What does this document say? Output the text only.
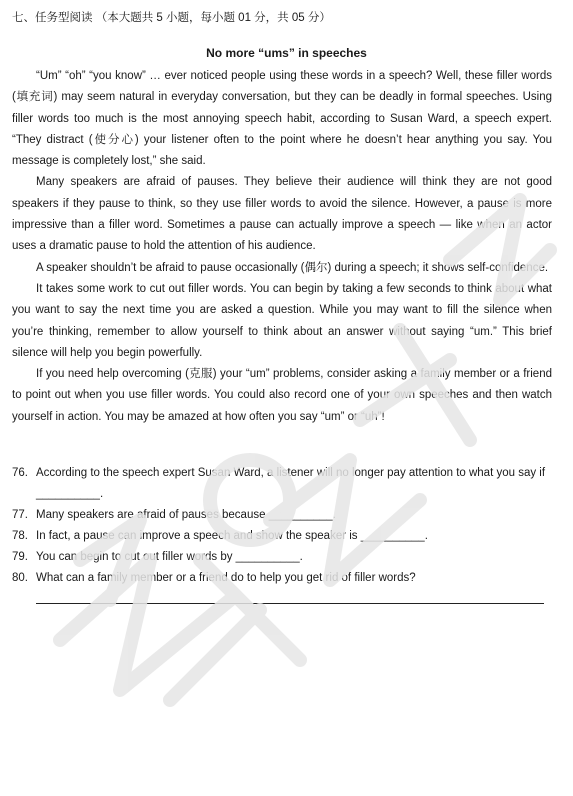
七、任务型阅读 （本大题共 5 小题，每小题 01 分，共 05 分）
No more “ums” in speeches

“Um” “oh” “you know” … ever noticed people using these words in a speech? Well, these filler words (填充词) may seem natural in everyday conversation, but they can be deadly in formal speeches. Using filler words too much is the most annoying speech habit, according to Susan Ward, a speech expert. “They distract (使分心) your listener often to the point where he doesn’t hear anything you say. You message is completely lost,” she said.

Many speakers are afraid of pauses. They believe their audience will think they are not good speakers if they pause to think, so they use filler words to avoid the silence. However, a pause is more impressive than a filler word. Sometimes a pause can actually improve a speech — like when an actor uses a dramatic pause to hold the attention of his audience.

A speaker shouldn’t be afraid to pause occasionally (偶尔) during a speech; it shows self-confidence.

It takes some work to cut out filler words. You can begin by taking a few seconds to think about what you want to say the next time you are asked a question. While you may want to fill the silence when you’re thinking, remember to allow yourself to think about an answer without saying “um.” This brief silence will help you begin powerfully.

If you need help overcoming (克服) your “um” problems, consider asking a family member or a friend to point out when you use filler words. You could also record one of your own speeches and then watch yourself in action. You may be amazed at how often you say “um” or “uh”!

76. According to the speech expert Susan Ward, a listener will no longer pay attention to what you say if __________.
77. Many speakers are afraid of pauses because __________.
78. In fact, a pause can improve a speech and show the speaker is __________.
79. You can begin to cut out filler words by __________.
80. What can a family member or a friend do to help you get rid of filler words?
